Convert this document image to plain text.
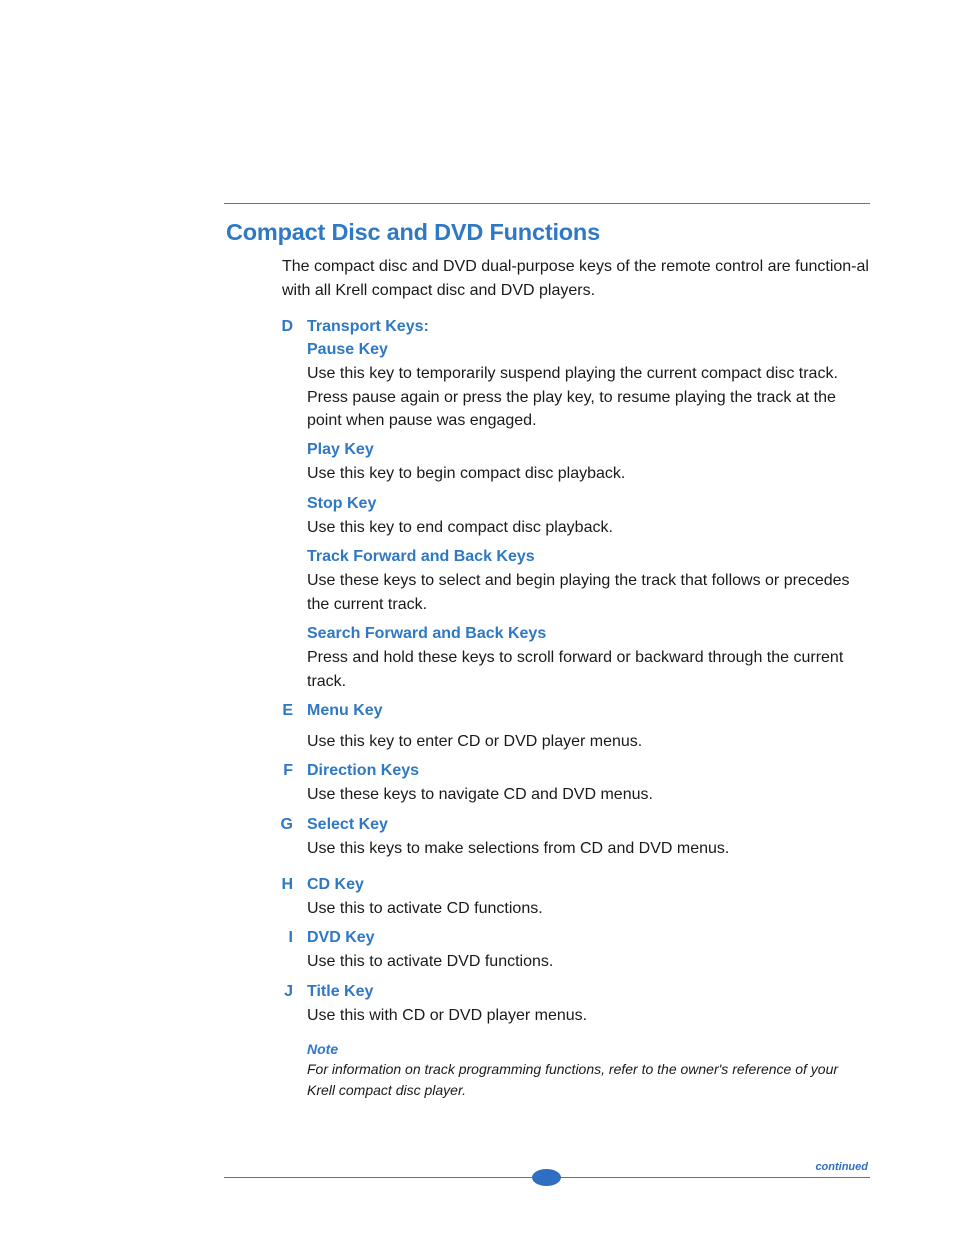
Compact Disc and DVD Functions

The compact disc and DVD dual-purpose keys of the remote control are function-al with all Krell compact disc and DVD players.

D Transport Keys:
Pause Key

Use this key to temporarily suspend playing the current compact disc track. Press pause again or press the play key, to resume playing the track at the point when pause was engaged.

Play Key

Use this key to begin compact disc playback.

Stop Key

Use this key to end compact disc playback.

Track Forward and Back Keys

Use these keys to select and begin playing the track that follows or precedes the current track.

Search Forward and Back Keys

Press and hold these keys to scroll forward or backward through the current track.

E Menu Key

Use this key to enter CD or DVD player menus.

F Direction Keys

Use these keys to navigate CD and DVD menus.

G Select Key

Use this keys to make selections from CD and DVD menus.

H CD Key

Use this to activate CD functions.

I DVD Key

Use this to activate DVD functions.

J Title Key

Use this with CD or DVD player menus.

Note

For information on track programming functions, refer to the owner's reference of your Krell compact disc player.

continued
